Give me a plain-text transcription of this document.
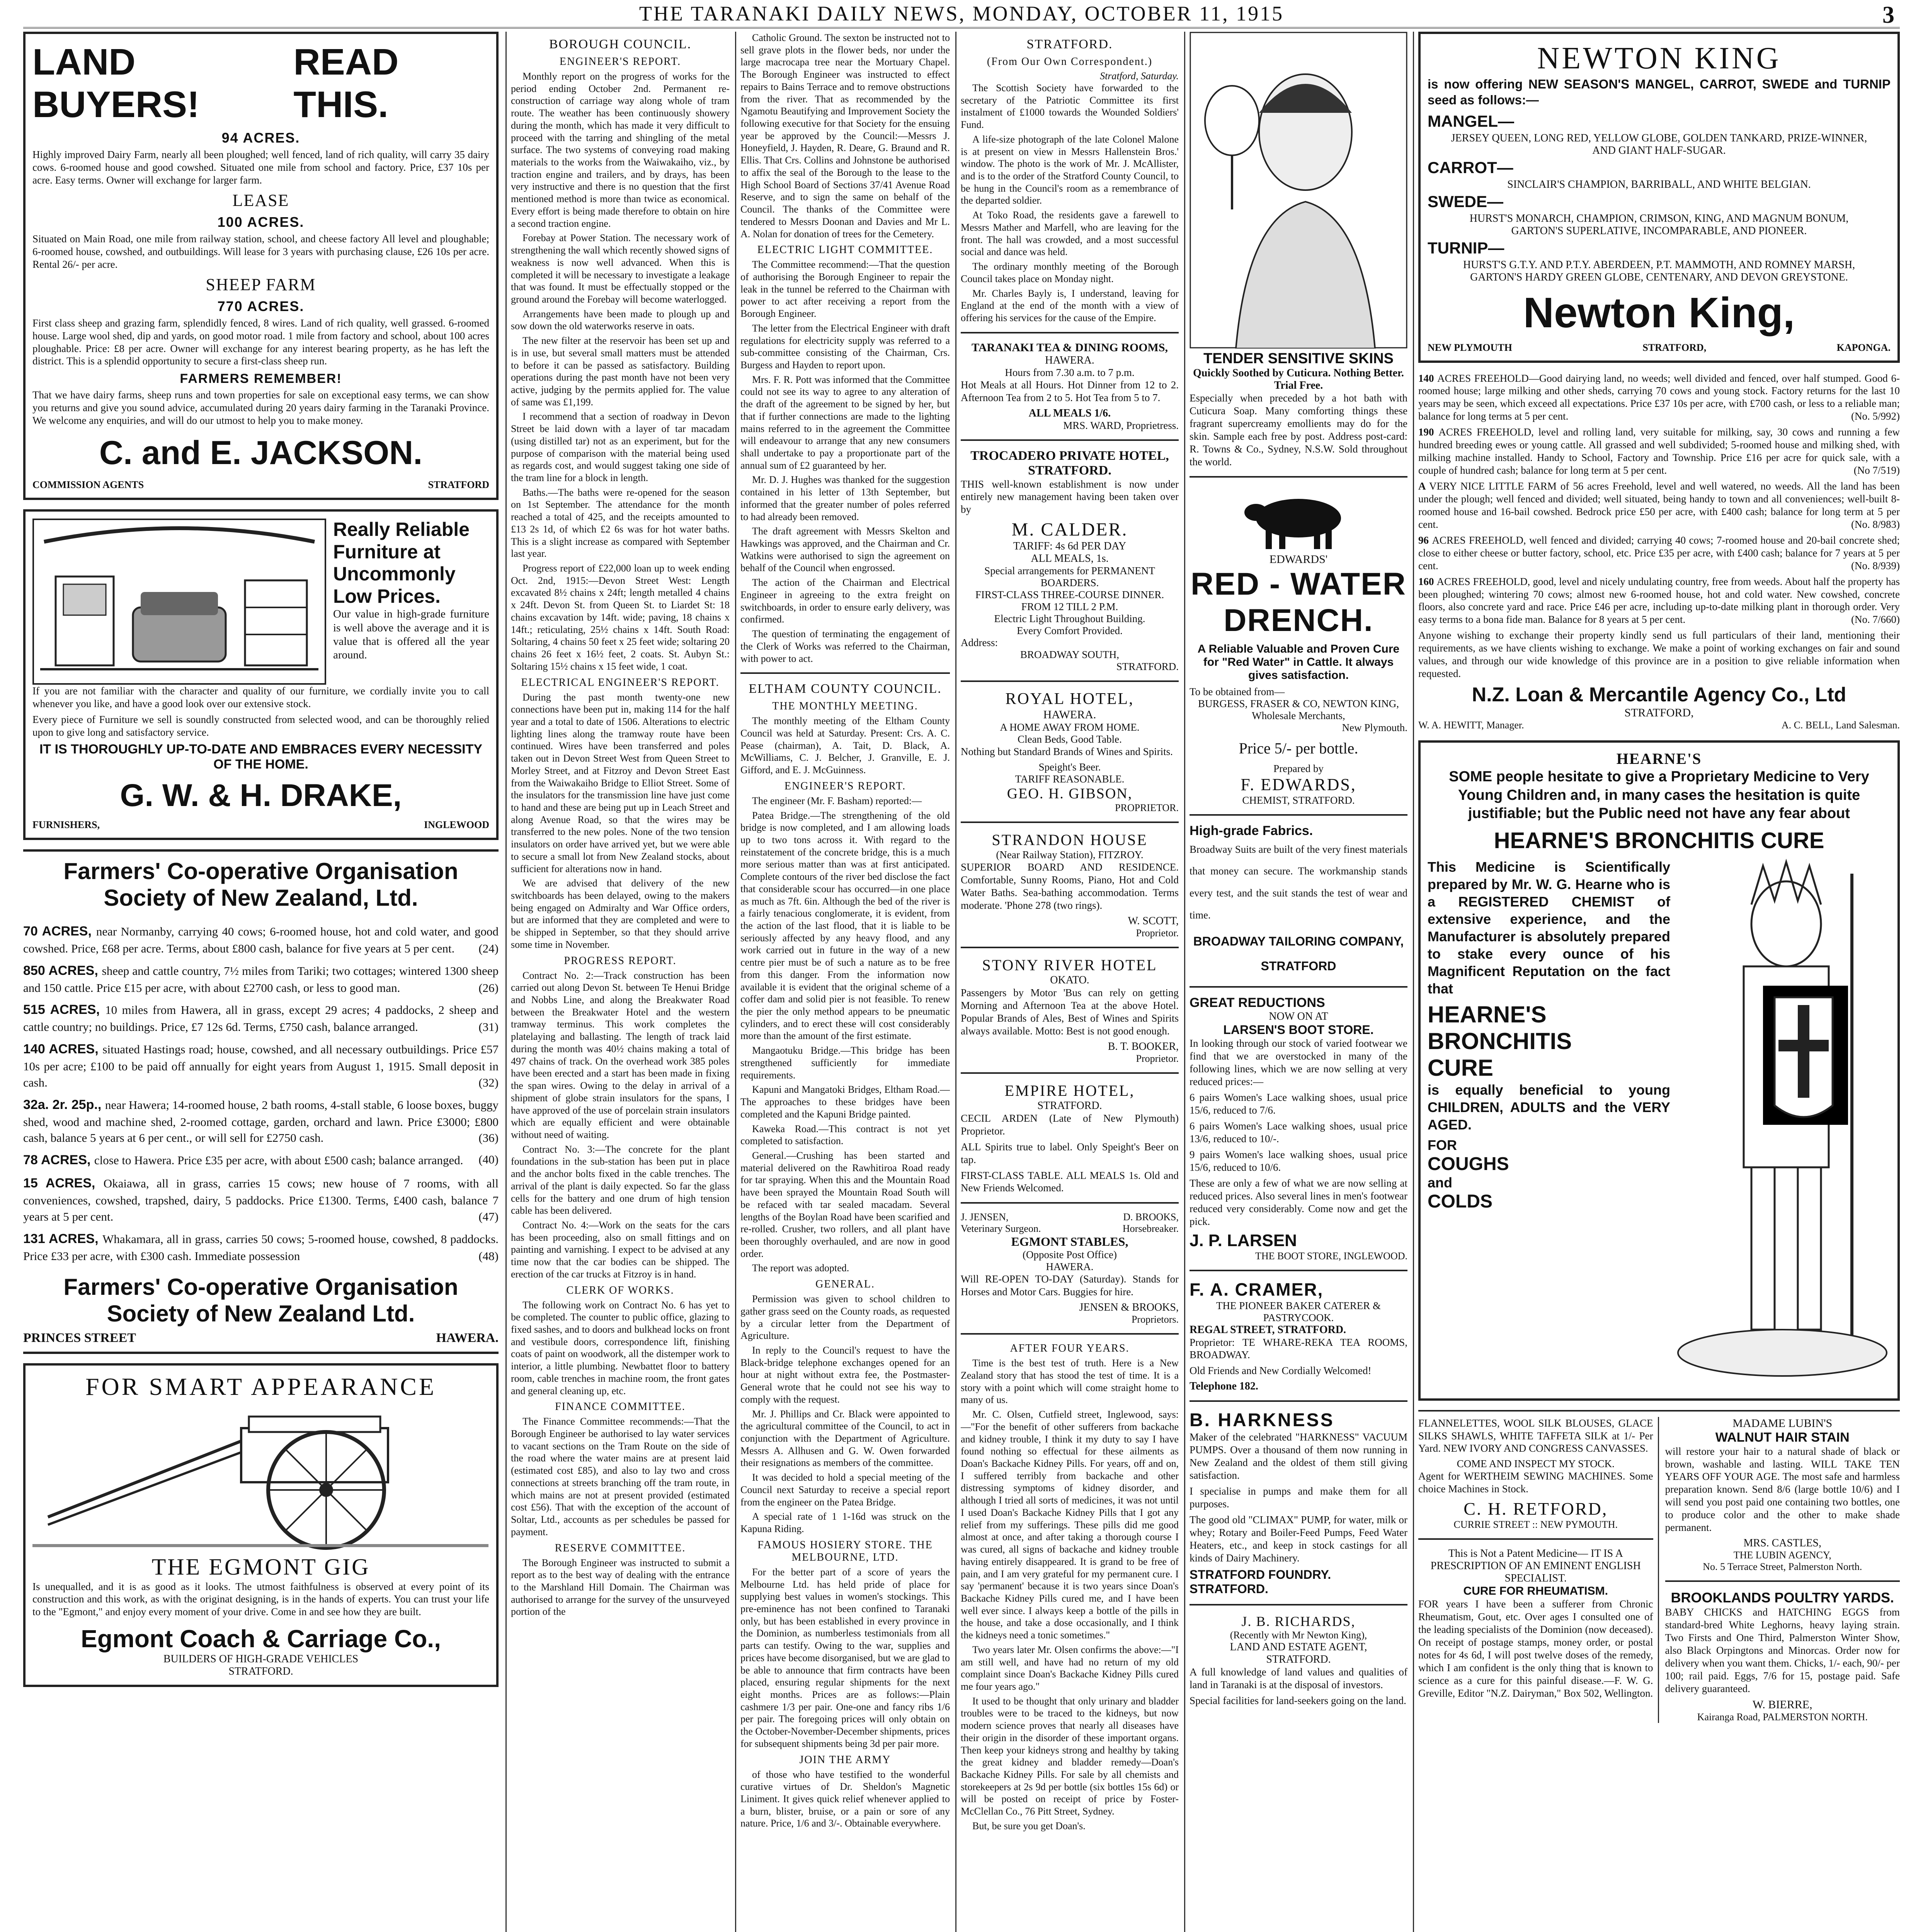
THE TARANAKI DAILY NEWS, MONDAY, OCTOBER 11, 1915	3
LAND BUYERS!
READ THIS.
94 ACRES.

Highly improved Dairy Farm, nearly all been ploughed; well fenced, land of rich quality, will carry 35 dairy cows. 6-roomed house and good cowshed. Situated one mile from school and factory. Price, £37 10s per acre. Easy terms. Owner will exchange for larger farm.

LEASE
100 ACRES.

Situated on Main Road, one mile from railway station, school, and cheese factory All level and ploughable; 6-roomed house, cowshed, and outbuildings. Will lease for 3 years with purchasing clause, £26 10s per acre. Rental 26/- per acre.

SHEEP FARM
770 ACRES.

First class sheep and grazing farm, splendidly fenced, 8 wires. Land of rich quality, well grassed. 6-roomed house. Large wool shed, dip and yards, on good motor road. 1 mile from factory and school, about 100 acres ploughable. Price: £8 per acre. Owner will exchange for any interest bearing property, as he has left the district. This is a splendid opportunity to secure a first-class sheep run.

FARMERS REMEMBER!

That we have dairy farms, sheep runs and town properties for sale on exceptional easy terms, we can show you returns and give you sound advice, accumulated during 20 years dairy farming in the Taranaki Province. We welcome any enquiries, and will do our utmost to help you to make money.

C. and E. JACKSON.
COMMISSION AGENTS	STRATFORD
Really Reliable Furniture at Uncommonly Low Prices.

Our value in high-grade furniture is well above the average and it is value that is offered all the year around.

If you are not familiar with the character and quality of our furniture, we cordially invite you to call whenever you like, and have a good look over our extensive stock.

Every piece of Furniture we sell is soundly constructed from selected wood, and can be thoroughly relied upon to give long and satisfactory service.

IT IS THOROUGHLY UP-TO-DATE AND EMBRACES EVERY NECESSITY OF THE HOME.
G. W. & H. DRAKE,
FURNISHERS,	INGLEWOOD
Farmers' Co-operative Organisation
Society of New Zealand, Ltd.

70 ACRES, near Normanby, carrying 40 cows; 6-roomed house, hot and cold water, and good cowshed. Price, £68 per acre. Terms, about £800 cash, balance for five years at 5 per cent. (24)

850 ACRES, sheep and cattle country, 7½ miles from Tariki; two cottages; wintered 1300 sheep and 150 cattle. Price £15 per acre, with about £2700 cash, or less to good man.	(26)

515 ACRES, 10 miles from Hawera, all in grass, except 29 acres; 4 paddocks, 2 sheep and cattle country; no buildings. Price, £7 12s 6d. Terms, £750 cash, balance arranged.	(31)

140 ACRES, situated Hastings road; house, cowshed, and all necessary outbuildings. Price £57 10s per acre; £100 to be paid off annually for eight years from August 1, 1915. Small deposit in cash.	(32)

32a. 2r. 25p., near Hawera; 14-roomed house, 2 bath rooms, 4-stall stable, 6 loose boxes, buggy shed, wood and machine shed, 2-roomed cottage, garden, orchard and lawn. Price £3000; £800 cash, balance 5 years at 6 per cent., or will sell for £2750 cash.	(36)

78 ACRES, close to Hawera. Price £35 per acre, with about £500 cash; balance arranged. (40)

15 ACRES, Okaiawa, all in grass, carries 15 cows; new house of 7 rooms, with all conveniences, cowshed, trapshed, dairy, 5 paddocks. Price £1300. Terms, £400 cash, balance 7 years at 5 per cent.	(47)

131 ACRES, Whakamara, all in grass, carries 50 cows; 5-roomed house, cowshed, 8 paddocks. Price £33 per acre, with £300 cash. Immediate possession	(48)

Farmers' Co-operative Organisation
Society of New Zealand Ltd.
PRINCES STREET	HAWERA.
FOR SMART APPEARANCE
THE EGMONT GIG

Is unequalled, and it is as good as it looks. The utmost faithfulness is observed at every point of its construction and this work, as with the originat designing, is in the hands of experts. You can trust your life to the "Egmont," and enjoy every moment of your drive. Come in and see how they are built.

Egmont Coach & Carriage Co.,
BUILDERS OF HIGH-GRADE VEHICLES
STRATFORD.
BOROUGH COUNCIL.
ENGINEER'S REPORT.

Monthly report on the progress of works for the period ending October 2nd. Permanent re-construction of carriage way along whole of tram route. The weather has been continuously showery during the month, which has made it very difficult to proceed with the tarring and shingling of the metal surface. The two systems of conveying road making materials to the works from the Waiwakaiho, viz., by traction engine and trailers, and by drays, has been very instructive and there is no question that the first mentioned method is more than twice as economical. Every effort is being made therefore to obtain on hire a second traction engine.

Forebay at Power Station. The necessary work of strengthening the wall which recently showed signs of weakness is now well advanced. When this is completed it will be necessary to investigate a leakage that was found. It must be effectually stopped or the ground around the Forebay will become waterlogged.

Arrangements have been made to plough up and sow down the old waterworks reserve in oats.

The new filter at the reservoir has been set up and is in use, but several small matters must be attended to before it can be passed as satisfactory. Building operations during the past month have not been very active, judging by the permits applied for. The value of same was £1,199.

I recommend that a section of roadway in Devon Street be laid down with a layer of tar macadam (using distilled tar) not as an experiment, but for the purpose of comparison with the material being used as regards cost, and would suggest taking one side of the tram line for a block in length.

Baths.—The baths were re-opened for the season on 1st September. The attendance for the month reached a total of 425, and the receipts amounted to £13 2s 1d, of which £2 6s was for hot water baths. This is a slight increase as compared with September last year.

Progress report of £22,000 loan up to week ending Oct. 2nd, 1915:—Devon Street West: Length excavated 8½ chains x 24ft; length metalled 4 chains x 24ft. Devon St. from Queen St. to Liardet St: 18 chains excavation by 14ft. wide; paving, 18 chains x 14ft.; reticulating, 25½ chains x 14ft. South Road: Soltaring, 4 chains 50 feet x 25 feet wide; soltaring 20 chains 26 feet x 16½ feet, 2 coats. St. Aubyn St.: Soltaring 15½ chains x 15 feet wide, 1 coat.

ELECTRICAL ENGINEER'S REPORT.

During the past month twenty-one new connections have been put in, making 114 for the half year and a total to date of 1506. Alterations to electric lighting lines along the tramway route have been continued. Wires have been transferred and poles taken out in Devon Street West from Queen Street to Morley Street, and at Fitzroy and Devon Street East from the Waiwakaiho Bridge to Elliot Street. Some of the insulators for the transmission line have just come to hand and these are being put up in Leach Street and along Avenue Road, so that the wires may be transferred to the new poles. None of the two tension insulators on order have arrived yet, but we were able to secure a small lot from New Zealand stocks, about sufficient for alterations now in hand.

We are advised that delivery of the new switchboards has been delayed, owing to the makers being engaged on Admiralty and War Office orders, but are informed that they are completed and were to be shipped in September, so that they should arrive some time in November.

PROGRESS REPORT.

Contract No. 2:—Track construction has been carried out along Devon St. between Te Henui Bridge and Nobbs Line, and along the Breakwater Road between the Breakwater Hotel and the western tramway terminus. This work completes the platelaying and ballasting. The length of track laid during the month was 40½ chains making a total of 497 chains of track. On the overhead work 385 poles have been erected and a start has been made in fixing the span wires. Owing to the delay in arrival of a shipment of globe strain insulators for the spans, I have approved of the use of porcelain strain insulators which are equally efficient and were obtainable without need of waiting.

Contract No. 3:—The concrete for the plant foundations in the sub-station has been put in place and the anchor bolts fixed in the cable trenches. The arrival of the plant is daily expected. So far the glass cells for the battery and one drum of high tension cable has been delivered.

Contract No. 4:—Work on the seats for the cars has been proceeding, also on small fittings and on painting and varnishing. I expect to be advised at any time now that the car bodies can be shipped. The erection of the car trucks at Fitzroy is in hand.

CLERK OF WORKS.

The following work on Contract No. 6 has yet to be completed. The counter to public office, glazing to fixed sashes, and to doors and bulkhead locks on front and vestibule doors, correspondence lift, finishing coats of paint on woodwork, all the distemper work to interior, a little plumbing. Newbattet floor to battery room, cable trenches in machine room, the front gates and general cleaning up, etc.

FINANCE COMMITTEE.

The Finance Committee recommends:—That the Borough Engineer be authorised to lay water services to vacant sections on the Tram Route on the side of the road where the water mains are at present laid (estimated cost £85), and also to lay two and cross connections at streets branching off the tram route, in which mains are not at present provided (estimated cost £56). That with the exception of the account of Soltar, Ltd., accounts as per schedules be passed for payment.

RESERVE COMMITTEE.

The Borough Engineer was instructed to submit a report as to the best way of dealing with the entrance to the Marshland Hill Domain. The Chairman was authorised to arrange for the survey of the unsurveyed portion of the

Catholic Ground. The sexton be instructed not to sell grave plots in the flower beds, nor under the large macrocapa tree near the Mortuary Chapel. The Borough Engineer was instructed to effect repairs to Bains Terrace and to remove obstructions from the river. That as recommended by the Ngamotu Beautifying and Improvement Society the following executive for that Society for the ensuing year be approved by the Council:—Messrs J. Honeyfield, J. Hayden, R. Deare, G. Braund and R. Ellis. That Crs. Collins and Johnstone be authorised to affix the seal of the Borough to the lease to the High School Board of Sections 37/41 Avenue Road Reserve, and to sign the same on behalf of the Council. The thanks of the Committee were tendered to Messrs Doonan and Davies and Mr L. A. Nolan for donation of trees for the Cemetery.

ELECTRIC LIGHT COMMITTEE.

The Committee recommend:—That the question of authorising the Borough Engineer to repair the leak in the tunnel be referred to the Chairman with power to act after receiving a report from the Borough Engineer.

The letter from the Electrical Engineer with draft regulations for electricity supply was referred to a sub-committee consisting of the Chairman, Crs. Burgess and Hayden to report upon.

Mrs. F. R. Pott was informed that the Committee could not see its way to agree to any alteration of the draft of the agreement to be signed by her, but that if further connections are made to the lighting mains referred to in the agreement the Committee will endeavour to arrange that any new consumers shall undertake to pay a proportionate part of the annual sum of £2 guaranteed by her.

Mr. D. J. Hughes was thanked for the suggestion contained in his letter of 13th September, but informed that the greater number of poles referred to had already been removed.

The draft agreement with Messrs Skelton and Hawkings was approved, and the Chairman and Cr. Watkins were authorised to sign the agreement on behalf of the Council when engrossed.

The action of the Chairman and Electrical Engineer in agreeing to the extra freight on switchboards, in order to ensure early delivery, was confirmed.

The question of terminating the engagement of the Clerk of Works was referred to the Chairman, with power to act.

ELTHAM COUNTY COUNCIL.
THE MONTHLY MEETING.

The monthly meeting of the Eltham County Council was held at Saturday. Present: Crs. A. C. Pease (chairman), A. Tait, D. Black, A. McWilliams, C. J. Belcher, J. Granville, E. J. Gifford, and E. J. McGuinness.

ENGINEER'S REPORT.

The engineer (Mr. F. Basham) reported:—

Patea Bridge.—The strengthening of the old bridge is now completed, and I am allowing loads up to two tons across it. With regard to the reinstatement of the concrete bridge, this is a much more serious matter than was at first anticipated. Complete contours of the river bed disclose the fact that considerable scour has occurred—in one place as much as 7ft. 6in. Although the bed of the river is a fairly tenacious conglomerate, it is evident, from the action of the last flood, that it is liable to be seriously affected by any heavy flood, and any work carried out in future in the way of a new centre pier must be of such a nature as to be free from this danger. From the information now available it is evident that the original scheme of a coffer dam and solid pier is not feasible. To renew the pier the only method appears to be pneumatic cylinders, and to erect these will cost considerably more than the amount of the first estimate.

Mangaotuku Bridge.—This bridge has been strengthened sufficiently for immediate requirements.

Kapuni and Mangatoki Bridges, Eltham Road.—The approaches to these bridges have been completed and the Kapuni Bridge painted.

Kaweka Road.—This contract is not yet completed to satisfaction.

General.—Crushing has been started and material delivered on the Rawhitiroa Road ready for tar spraying. When this and the Mountain Road have been sprayed the Mountain Road South will be refaced with tar sealed macadam. Several lengths of the Boylan Road have been scarified and re-rolled. Crusher, two rollers, and all plant have been thoroughly overhauled, and are now in good order.

The report was adopted.

GENERAL.

Permission was given to school children to gather grass seed on the County roads, as requested by a circular letter from the Department of Agriculture.

In reply to the Council's request to have the Black-bridge telephone exchanges opened for an hour at night without extra fee, the Postmaster-General wrote that he could not see his way to comply with the request.

Mr. J. Phillips and Cr. Black were appointed to the agricultural committee of the Council, to act in conjunction with the Department of Agriculture. Messrs A. Allhusen and G. W. Owen forwarded their resignations as members of the committee.

It was decided to hold a special meeting of the Council next Saturday to receive a special report from the engineer on the Patea Bridge.

A special rate of 1 1-16d was struck on the Kapuna Riding.

FAMOUS HOSIERY STORE. THE MELBOURNE, LTD.

For the better part of a score of years the Melbourne Ltd. has held pride of place for supplying best values in women's stockings. This pre-eminence has not been confined to Taranaki only, but has been established in every province in the Dominion, as numberless testimonials from all parts can testify. Owing to the war, supplies and prices have become disorganised, but we are glad to be able to announce that firm contracts have been placed, ensuring regular shipments for the next eight months. Prices are as follows:—Plain cashmere 1/3 per pair. One-one and fancy ribs 1/6 per pair. The foregoing prices will only obtain on the October-November-December shipments, prices for subsequent shipments being 3d per pair more.

JOIN THE ARMY

of those who have testified to the wonderful curative virtues of Dr. Sheldon's Magnetic Liniment. It gives quick relief whenever applied to a burn, blister, bruise, or a pain or sore of any nature. Price, 1/6 and 3/-. Obtainable everywhere.

STRATFORD.
(From Our Own Correspondent.)
Stratford, Saturday.

The Scottish Society have forwarded to the secretary of the Patriotic Committee its first instalment of £1000 towards the Wounded Soldiers' Fund.

A life-size photograph of the late Colonel Malone is at present on view in Messrs Hallenstein Bros.' window. The photo is the work of Mr. J. McAllister, and is to the order of the Stratford County Council, to be hung in the Council's room as a remembrance of the departed soldier.

At Toko Road, the residents gave a farewell to Messrs Mather and Marfell, who are leaving for the front. The hall was crowded, and a most successful social and dance was held.

The ordinary monthly meeting of the Borough Council takes place on Monday night.

Mr. Charles Bayly is, I understand, leaving for England at the end of the month with a view of offering his services for the cause of the Empire.

TARANAKI TEA & DINING ROOMS,
HAWERA.
Hours from 7.30 a.m. to 7 p.m.

Hot Meals at all Hours. Hot Dinner from 12 to 2. Afternoon Tea from 2 to 5. Hot Tea from 5 to 7.

ALL MEALS 1/6.
MRS. WARD, Proprietress.
TROCADERO PRIVATE HOTEL, STRATFORD.

THIS well-known establishment is now under entirely new management having been taken over by

M. CALDER.
TARIFF: 4s 6d PER DAY
ALL MEALS, 1s.
Special arrangements for PERMANENT BOARDERS.
FIRST-CLASS THREE-COURSE DINNER.
FROM 12 TILL 2 P.M.
Electric Light Throughout Building.
Every Comfort Provided.
Address:
BROADWAY SOUTH,
STRATFORD.
ROYAL HOTEL,
HAWERA.
A HOME AWAY FROM HOME.
Clean Beds, Good Table.

Nothing but Standard Brands of Wines and Spirits.

Speight's Beer.
TARIFF REASONABLE.
GEO. H. GIBSON,
PROPRIETOR.
STRANDON HOUSE
(Near Railway Station), FITZROY.

SUPERIOR BOARD AND RESIDENCE. Comfortable, Sunny Rooms, Piano, Hot and Cold Water Baths. Sea-bathing accommodation. Terms moderate. 'Phone 278 (two rings).

W. SCOTT,
Proprietor.
STONY RIVER HOTEL
OKATO.

Passengers by Motor 'Bus can rely on getting Morning and Afternoon Tea at the above Hotel. Popular Brands of Ales, Best of Wines and Spirits always available. Motto: Best is not good enough.

B. T. BOOKER,
Proprietor.
EMPIRE HOTEL,
STRATFORD.

CECIL ARDEN (Late of New Plymouth) Proprietor.

ALL Spirits true to label. Only Speight's Beer on tap.

FIRST-CLASS TABLE. ALL MEALS 1s. Old and New Friends Welcomed.

J. JENSEN,	D. BROOKS,
Veterinary Surgeon.	Horsebreaker.
EGMONT STABLES,
(Opposite Post Office)
HAWERA.

Will RE-OPEN TO-DAY (Saturday). Stands for Horses and Motor Cars. Buggies for hire.

JENSEN & BROOKS,
Proprietors.
AFTER FOUR YEARS.

Time is the best test of truth. Here is a New Zealand story that has stood the test of time. It is a story with a point which will come straight home to many of us.

Mr. C. Olsen, Cutfield street, Inglewood, says:—"For the benefit of other sufferers from backache and kidney trouble, I think it my duty to say I have found nothing so effectual for these ailments as Doan's Backache Kidney Pills. For years, off and on, I suffered terribly from backache and other distressing symptoms of kidney disorder, and although I tried all sorts of medicines, it was not until I used Doan's Backache Kidney Pills that I got any relief from my sufferings. These pills did me good almost at once, and after taking a thorough course I was cured, all signs of backache and kidney trouble having entirely disappeared. It is grand to be free of pain, and I am very grateful for my permanent cure. I say 'permanent' because it is two years since Doan's Backache Kidney Pills cured me, and I have been well ever since. I always keep a bottle of the pills in the house, and take a dose occasionally, and I think the kidneys need a tonic sometimes."

Two years later Mr. Olsen confirms the above:—"I am still well, and have had no return of my old complaint since Doan's Backache Kidney Pills cured me four years ago."

It used to be thought that only urinary and bladder troubles were to be traced to the kidneys, but now modern science proves that nearly all diseases have their origin in the disorder of these important organs. Then keep your kidneys strong and healthy by taking the great kidney and bladder remedy—Doan's Backache Kidney Pills. For sale by all chemists and storekeepers at 2s 9d per bottle (six bottles 15s 6d) or will be posted on receipt of price by Foster-McClellan Co., 76 Pitt Street, Sydney.

But, be sure you get Doan's.

TENDER SENSITIVE SKINS
Quickly Soothed by Cuticura. Nothing Better. Trial Free.

Especially when preceded by a hot bath with Cuticura Soap. Many comforting things these fragrant supercreamy emollients may do for the skin. Sample each free by post. Address post-card: R. Towns & Co., Sydney, N.S.W. Sold throughout the world.

EDWARDS'
RED - WATER
DRENCH.
A Reliable Valuable and Proven Cure for "Red Water" in Cattle. It always gives satisfaction.
To be obtained from—
BURGESS, FRASER & CO, NEWTON KING,
Wholesale Merchants,
New Plymouth.
Price 5/- per bottle.
Prepared by
F. EDWARDS,
CHEMIST, STRATFORD.
High-grade Fabrics.

Broadway Suits are built of the very finest materials that money can secure. The workmanship stands every test, and the suit stands the test of wear and time.

BROADWAY TAILORING COMPANY, STRATFORD
GREAT REDUCTIONS
NOW ON AT
LARSEN'S BOOT STORE.

In looking through our stock of varied footwear we find that we are overstocked in many of the following lines, which we are now selling at very reduced prices:—

6 pairs Women's Lace walking shoes, usual price 15/6, reduced to 7/6.

6 pairs Women's Lace walking shoes, usual price 13/6, reduced to 10/-.

9 pairs Women's lace walking shoes, usual price 15/6, reduced to 10/6.

These are only a few of what we are now selling at reduced prices. Also several lines in men's footwear reduced very considerably. Come now and get the pick.

J. P. LARSEN
THE BOOT STORE, INGLEWOOD.
F. A. CRAMER,
THE PIONEER BAKER CATERER & PASTRYCOOK.
REGAL STREET, STRATFORD.

Proprietor: TE WHARE-REKA TEA ROOMS, BROADWAY.

Old Friends and New Cordially Welcomed!

Telephone 182.
B. HARKNESS

Maker of the celebrated "HARKNESS" VACUUM PUMPS. Over a thousand of them now running in New Zealand and the oldest of them still giving satisfaction.

I specialise in pumps and make them for all purposes.

The good old "CLIMAX" PUMP, for water, milk or whey; Rotary and Boiler-Feed Pumps, Feed Water Heaters, etc., and keep in stock castings for all kinds of Dairy Machinery.

STRATFORD FOUNDRY. STRATFORD.
J. B. RICHARDS,
(Recently with Mr Newton King),
LAND AND ESTATE AGENT,
STRATFORD.

A full knowledge of land values and qualities of land in Taranaki is at the disposal of investors.

Special facilities for land-seekers going on the land.

NEWTON KING

is now offering NEW SEASON'S MANGEL, CARROT, SWEDE and TURNIP seed as follows:—

MANGEL—

JERSEY QUEEN, LONG RED, YELLOW GLOBE, GOLDEN TANKARD, PRIZE-WINNER, AND GIANT HALF-SUGAR.

CARROT—

SINCLAIR'S CHAMPION, BARRIBALL, AND WHITE BELGIAN.

SWEDE—

HURST'S MONARCH, CHAMPION, CRIMSON, KING, AND MAGNUM BONUM, GARTON'S SUPERLATIVE, INCOMPARABLE, AND PIONEER.

TURNIP—

HURST'S G.T.Y. AND P.T.Y. ABERDEEN, P.T. MAMMOTH, AND ROMNEY MARSH, GARTON'S HARDY GREEN GLOBE, CENTENARY, AND DEVON GREYSTONE.

Newton King,
NEW PLYMOUTH	STRATFORD,	KAPONGA.

140 ACRES FREEHOLD—Good dairying land, no weeds; well divided and fenced, over half stumped. Good 6-roomed house; large milking and other sheds, carrying 70 cows and young stock. Factory returns for the last 10 years may be seen, which exceed all expectations. Price £37 10s per acre, with £700 cash, or less to a reliable man; balance for long terms at 5 per cent.	(No. 5/992)

190 ACRES FREEHOLD, level and rolling land, very suitable for milking, say, 30 cows and running a few hundred breeding ewes or young cattle. All grassed and well subdivided; 5-roomed house and milking shed, with milking machine installed. Handy to School, Factory and Township. Price £16 per acre for quick sale, with a couple of hundred cash; balance for long term at 5 per cent.	(No 7/519)

A VERY NICE LITTLE FARM of 56 acres Freehold, level and well watered, no weeds. All the land has been under the plough; well fenced and divided; well situated, being handy to town and all conveniences; well-built 8-roomed house and 16-bail cowshed. Bedrock price £50 per acre, with £400 cash; balance for long term at 5 per cent.	(No. 8/983)

96 ACRES FREEHOLD, well fenced and divided; carrying 40 cows; 7-roomed house and 20-bail concrete shed; close to either cheese or butter factory, school, etc. Price £35 per acre, with £400 cash; balance for 7 years at 5 per cent.	(No. 8/939)

160 ACRES FREEHOLD, good, level and nicely undulating country, free from weeds. About half the property has been ploughed; wintering 70 cows; almost new 6-roomed house, hot and cold water. New cowshed, concrete floors, also concrete yard and race. Price £46 per acre, including up-to-date milking plant in thorough order. Very easy terms to a bona fide man. Balance for 8 years at 5 per cent.	(No. 7/660)

Anyone wishing to exchange their property kindly send us full particulars of their land, mentioning their requirements, as we have clients wishing to exchange. We make a point of working exchanges on fair and sound values, and through our wide knowledge of this province are in a position to give reliable information when requested.

N.Z. Loan & Mercantile Agency Co., Ltd
STRATFORD,
W. A. HEWITT, Manager.	A. C. BELL, Land Salesman.
HEARNE'S

SOME people hesitate to give a Proprietary Medicine to Very Young Children and, in many cases the hesitation is quite justifiable; but the Public need not have any fear about

HEARNE'S BRONCHITIS CURE

This Medicine is Scientifically prepared by Mr. W. G. Hearne who is a REGISTERED CHEMIST of extensive experience, and the Manufacturer is absolutely prepared to stake every ounce of his Magnificent Reputation on the fact that

HEARNE'S
BRONCHITIS
CURE

is equally beneficial to young CHILDREN, ADULTS and the VERY AGED.

FOR
COUGHS
and
COLDS

FLANNELETTES, WOOL SILK BLOUSES, GLACE SILKS SHAWLS, WHITE TAFFETA SILK at 1/- Per Yard. NEW IVORY AND CONGRESS CANVASSES.

COME AND INSPECT MY STOCK.

Agent for WERTHEIM SEWING MACHINES. Some choice Machines in Stock.

C. H. RETFORD,
CURRIE STREET :: NEW PYMOUTH.
This is Not a Patent Medicine— IT IS A PRESCRIPTION OF AN EMINENT ENGLISH SPECIALIST.
CURE FOR RHEUMATISM.

FOR years I have been a sufferer from Chronic Rheumatism, Gout, etc. Over ages I consulted one of the leading specialists of the Dominion (now deceased). On receipt of postage stamps, money order, or postal notes for 4s 6d, I will post twelve doses of the remedy, which I am confident is the only thing that is known to science as a cure for this painful disease.—F. W. G. Greville, Editor "N.Z. Dairyman," Box 502, Wellington.

MADAME LUBIN'S
WALNUT HAIR STAIN

will restore your hair to a natural shade of black or brown, washable and lasting. WILL TAKE TEN YEARS OFF YOUR AGE. The most safe and harmless preparation known. Send 8/6 (large bottle 10/6) and I will send you post paid one containing two bottles, one to produce color and the other to make shade permanent.

MRS. CASTLES,
THE LUBIN AGENCY,
No. 5 Terrace Street, Palmerston North.
BROOKLANDS POULTRY YARDS.

BABY CHICKS and HATCHING EGGS from standard-bred White Leghorns, heavy laying strain. Two Firsts and One Third, Palmerston Winter Show, also Black Orpingtons and Minorcas. Order now for delivery when you want them. Chicks, 1/- each, 90/- per 100; rail paid. Eggs, 7/6 for 15, postage paid. Safe delivery guaranteed.

W. BIERRE,
Kairanga Road, PALMERSTON NORTH.
